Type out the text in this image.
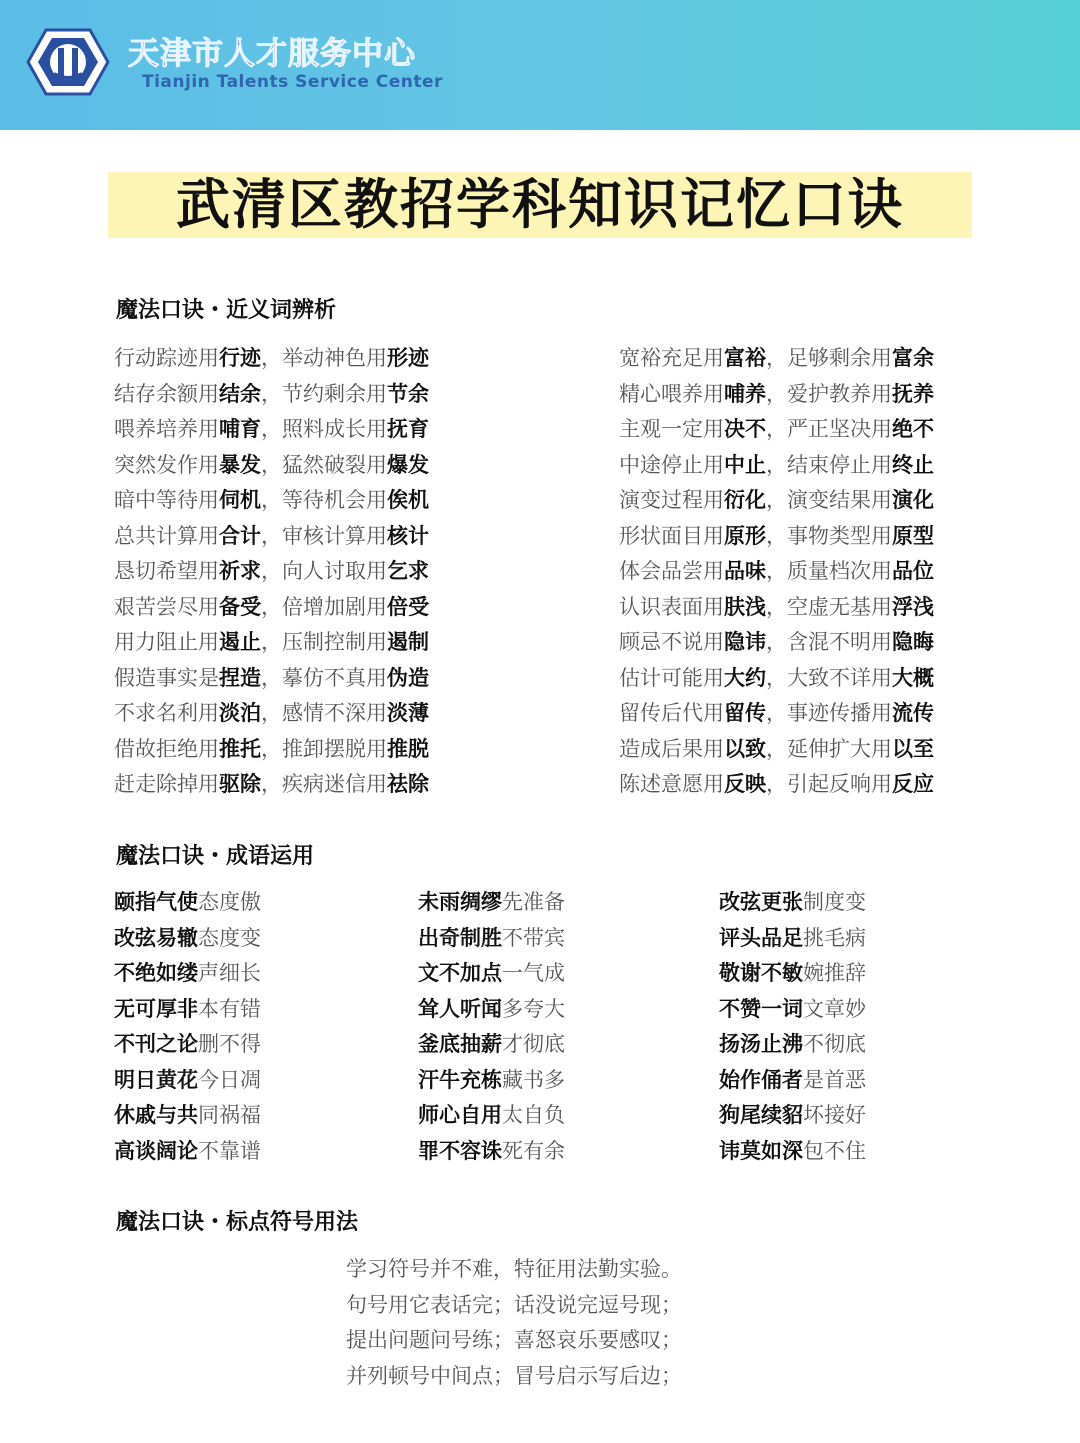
天津市人才服务中心
Tianjin Talents Service Center
武清区教招学科知识记忆口诀
魔法口诀・近义词辨析
行动踪迹用行迹，举动神色用形迹
结存余额用结余，节约剩余用节余
喂养培养用哺育，照料成长用抚育
突然发作用暴发，猛然破裂用爆发
暗中等待用伺机，等待机会用俟机
总共计算用合计，审核计算用核计
恳切希望用祈求，向人讨取用乞求
艰苦尝尽用备受，倍增加剧用倍受
用力阻止用遏止，压制控制用遏制
假造事实是捏造，摹仿不真用伪造
不求名利用淡泊，感情不深用淡薄
借故拒绝用推托，推卸摆脱用推脱
赶走除掉用驱除，疾病迷信用祛除
宽裕充足用富裕，足够剩余用富余
精心喂养用哺养，爱护教养用抚养
主观一定用决不，严正坚决用绝不
中途停止用中止，结束停止用终止
演变过程用衍化，演变结果用演化
形状面目用原形，事物类型用原型
体会品尝用品味，质量档次用品位
认识表面用肤浅，空虚无基用浮浅
顾忌不说用隐讳，含混不明用隐晦
估计可能用大约，大致不详用大概
留传后代用留传，事迹传播用流传
造成后果用以致，延伸扩大用以至
陈述意愿用反映，引起反响用反应
魔法口诀・成语运用
颐指气使态度傲
改弦易辙态度变
不绝如缕声细长
无可厚非本有错
不刊之论删不得
明日黄花今日凋
休戚与共同祸福
高谈阔论不靠谱
未雨绸缪先准备
出奇制胜不带宾
文不加点一气成
耸人听闻多夸大
釜底抽薪才彻底
汗牛充栋藏书多
师心自用太自负
罪不容诛死有余
改弦更张制度变
评头品足挑毛病
敬谢不敏婉推辞
不赞一词文章妙
扬汤止沸不彻底
始作俑者是首恶
狗尾续貂坏接好
讳莫如深包不住
魔法口诀・标点符号用法
学习符号并不难，特征用法勤实验。
句号用它表话完；话没说完逗号现；
提出问题问号练；喜怒哀乐要感叹；
并列顿号中间点；冒号启示写后边；
